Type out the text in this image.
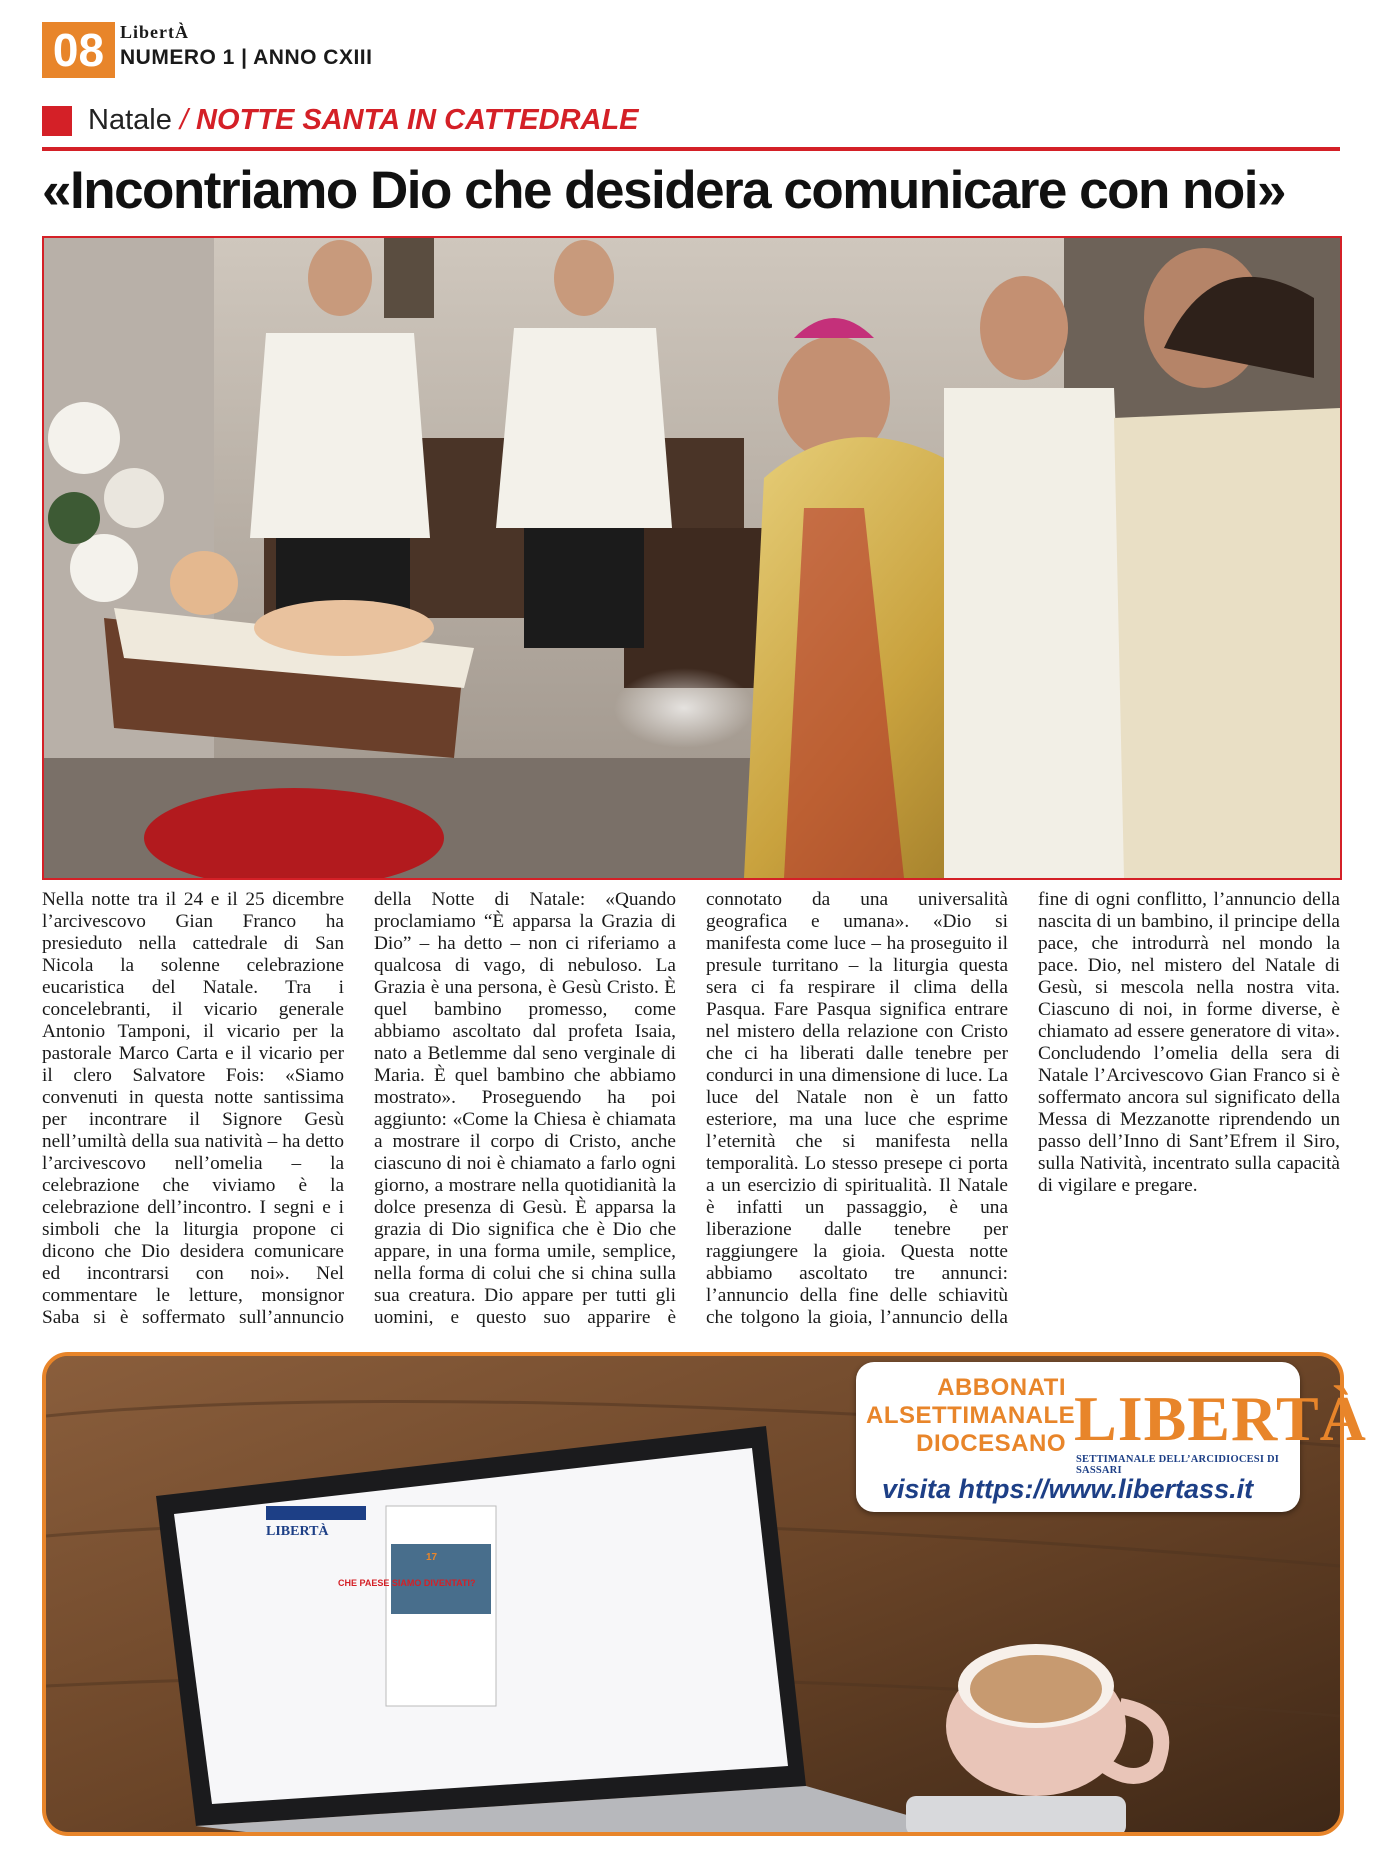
08 LibertÀ
NUMERO 1 | ANNO CXIII
Natale / NOTTE SANTA IN CATTEDRALE
«Incontriamo Dio che desidera comunicare con noi»

Nella notte tra il 24 e il 25 dicembre l’arcivescovo Gian Franco ha presieduto nella cattedrale di San Nicola la solenne celebrazione eucaristica del Natale. Tra i concelebranti, il vicario generale Antonio Tamponi, il vicario per la pastorale Marco Carta e il vicario per il clero Salvatore Fois: «Siamo convenuti in questa notte santissima per incontrare il Signore Gesù nell’umiltà della sua natività – ha detto l’arcivescovo nell’omelia – la celebrazione che viviamo è la celebrazione dell’incontro. I segni e i simboli che la liturgia propone ci dicono che Dio desidera comunicare ed incontrarsi con noi». Nel commentare le letture, monsignor Saba si è soffermato sull’annuncio della Notte di Natale: «Quando proclamiamo “È apparsa la Grazia di Dio” – ha detto – non ci riferiamo a qualcosa di vago, di nebuloso. La Grazia è una persona, è Gesù Cristo. È quel bambino promesso, come abbiamo ascoltato dal profeta Isaia, nato a Betlemme dal seno verginale di Maria. È quel bambino che abbiamo mostrato». Proseguendo ha poi aggiunto: «Come la Chiesa è chiamata a mostrare il corpo di Cristo, anche ciascuno di noi è chiamato a farlo ogni giorno, a mostrare nella quotidianità la dolce presenza di Gesù. È apparsa la grazia di Dio significa che è Dio che appare, in una forma umile, semplice, nella forma di colui che si china sulla sua creatura. Dio appare per tutti gli uomini, e questo suo apparire è connotato da una universalità geografica e umana». «Dio si manifesta come luce – ha proseguito il presule turritano – la liturgia questa sera ci fa respirare il clima della Pasqua. Fare Pasqua significa entrare nel mistero della relazione con Cristo che ci ha liberati dalle tenebre per condurci in una dimensione di luce. La luce del Natale non è un fatto esteriore, ma una luce che esprime l’eternità che si manifesta nella temporalità. Lo stesso presepe ci porta a un esercizio di spiritualità. Il Natale è infatti un passaggio, è una liberazione dalle tenebre per raggiungere la gioia. Questa notte abbiamo ascoltato tre annunci: l’annuncio della fine delle schiavitù che tolgono la gioia, l’annuncio della fine di ogni conflitto, l’annuncio della nascita di un bambino, il principe della pace, che introdurrà nel mondo la pace. Dio, nel mistero del Natale di Gesù, si mescola nella nostra vita. Ciascuno di noi, in forme diverse, è chiamato ad essere generatore di vita». Concludendo l’omelia della sera di Natale l’Arcivescovo Gian Franco si è soffermato ancora sul significato della Messa di Mezzanotte riprendendo un passo dell’Inno di Sant’Efrem il Siro, sulla Natività, incentrato sulla capacità di vigilare e pregare.

LIBERTÀ
CHE PAESE SIAMO DIVENTATI?
17
ABBONATI
ALSETTIMANALE
DIOCESANO LIBERTÀ
SETTIMANALE DELL’ARCIDIOCESI DI SASSARI
visita https://www.libertass.it
